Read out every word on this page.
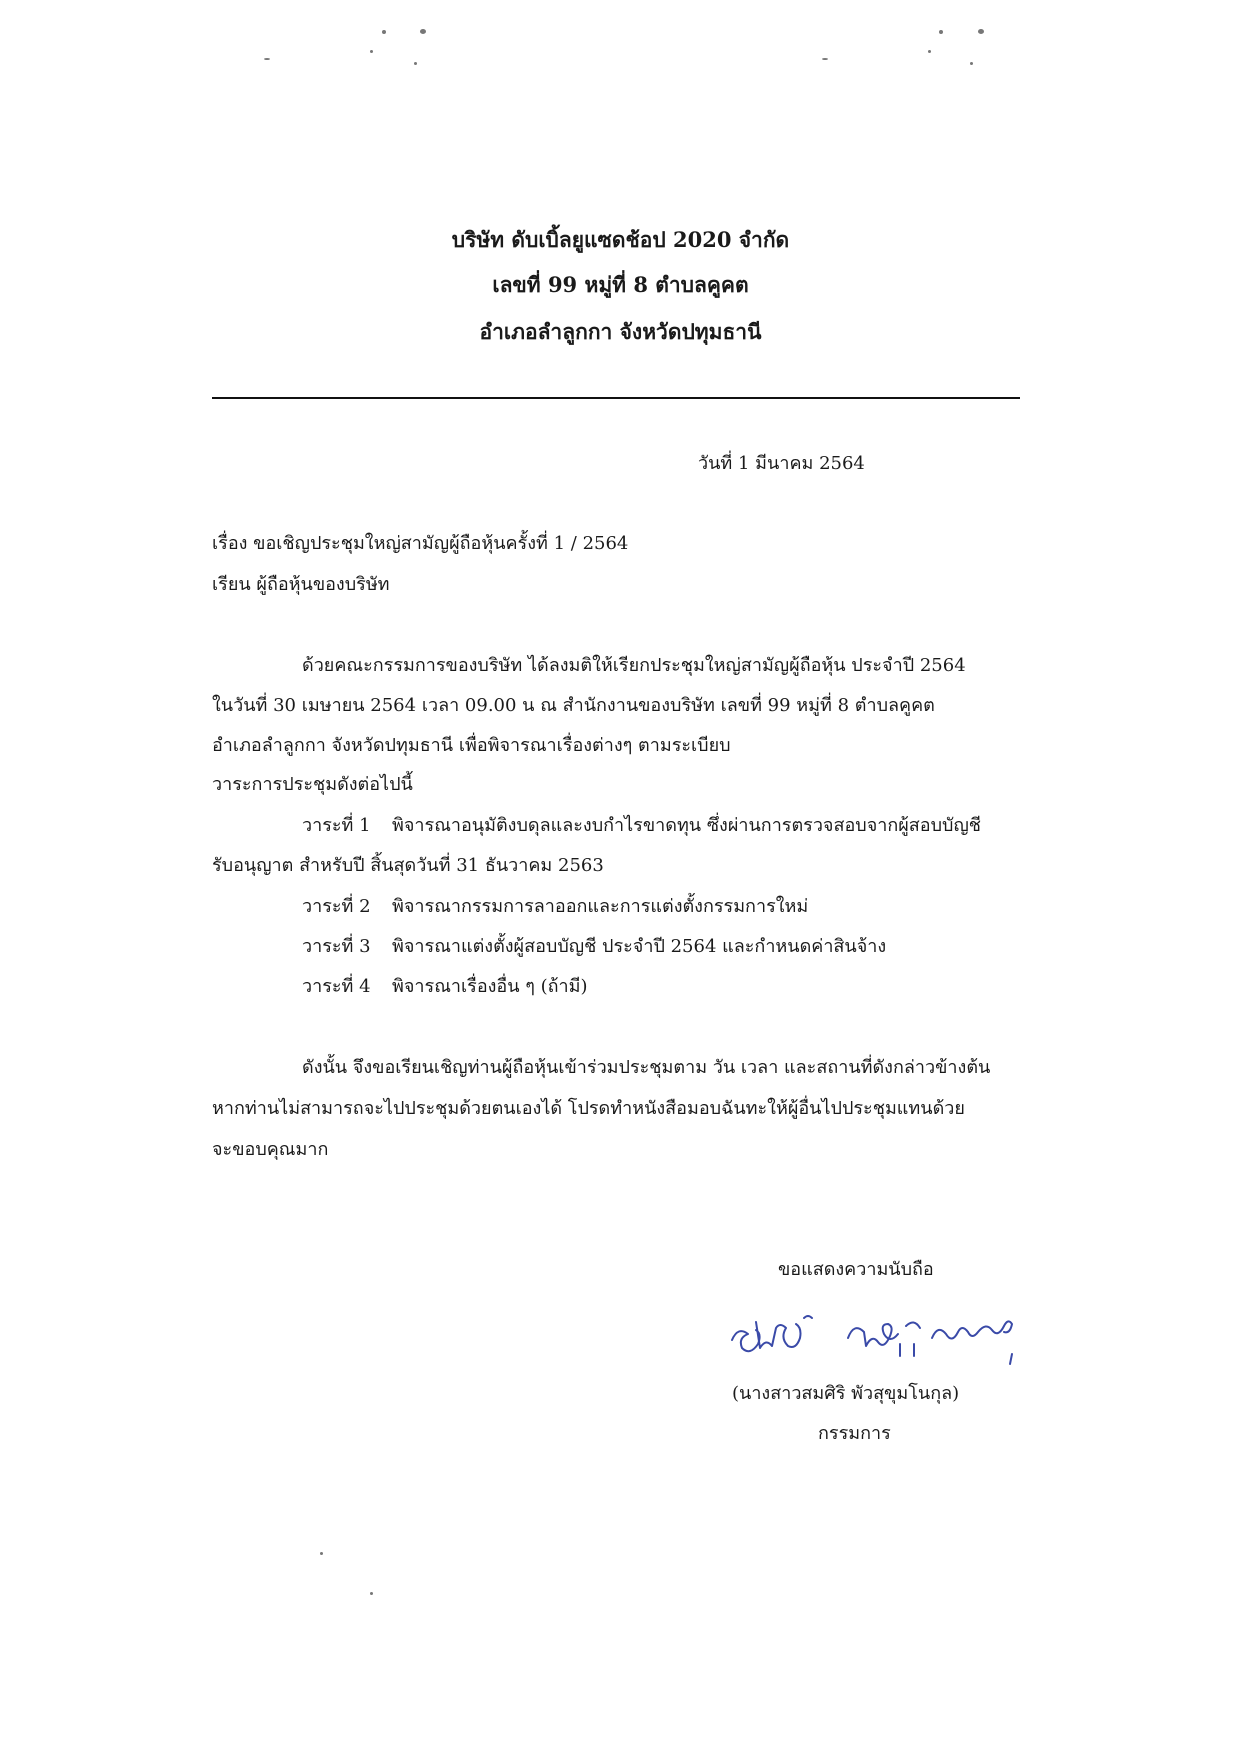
บริษัท ดับเบิ้ลยูแซดช้อป 2020 จำกัด
เลขที่ 99 หมู่ที่ 8 ตำบลคูคต
อำเภอลำลูกกา จังหวัดปทุมธานี
วันที่ 1 มีนาคม 2564
เรื่อง ขอเชิญประชุมใหญ่สามัญผู้ถือหุ้นครั้งที่ 1 / 2564
เรียน ผู้ถือหุ้นของบริษัท
ด้วยคณะกรรมการของบริษัท ได้ลงมติให้เรียกประชุมใหญ่สามัญผู้ถือหุ้น ประจำปี 2564
ในวันที่ 30 เมษายน 2564 เวลา 09.00 น ณ สำนักงานของบริษัท เลขที่ 99 หมู่ที่ 8 ตำบลคูคต
อำเภอลำลูกกา จังหวัดปทุมธานี เพื่อพิจารณาเรื่องต่างๆ ตามระเบียบ
วาระการประชุมดังต่อไปนี้
วาระที่ 1 พิจารณาอนุมัติงบดุลและงบกำไรขาดทุน ซึ่งผ่านการตรวจสอบจากผู้สอบบัญชี
รับอนุญาต สำหรับปี สิ้นสุดวันที่ 31 ธันวาคม 2563
วาระที่ 2 พิจารณากรรมการลาออกและการแต่งตั้งกรรมการใหม่
วาระที่ 3 พิจารณาแต่งตั้งผู้สอบบัญชี ประจำปี 2564 และกำหนดค่าสินจ้าง
วาระที่ 4 พิจารณาเรื่องอื่น ๆ (ถ้ามี)
ดังนั้น จึงขอเรียนเชิญท่านผู้ถือหุ้นเข้าร่วมประชุมตาม วัน เวลา และสถานที่ดังกล่าวข้างต้น
หากท่านไม่สามารถจะไปประชุมด้วยตนเองได้ โปรดทำหนังสือมอบฉันทะให้ผู้อื่นไปประชุมแทนด้วย
จะขอบคุณมาก
ขอแสดงความนับถือ
(นางสาวสมศิริ พัวสุขุมโนกุล)
กรรมการ
